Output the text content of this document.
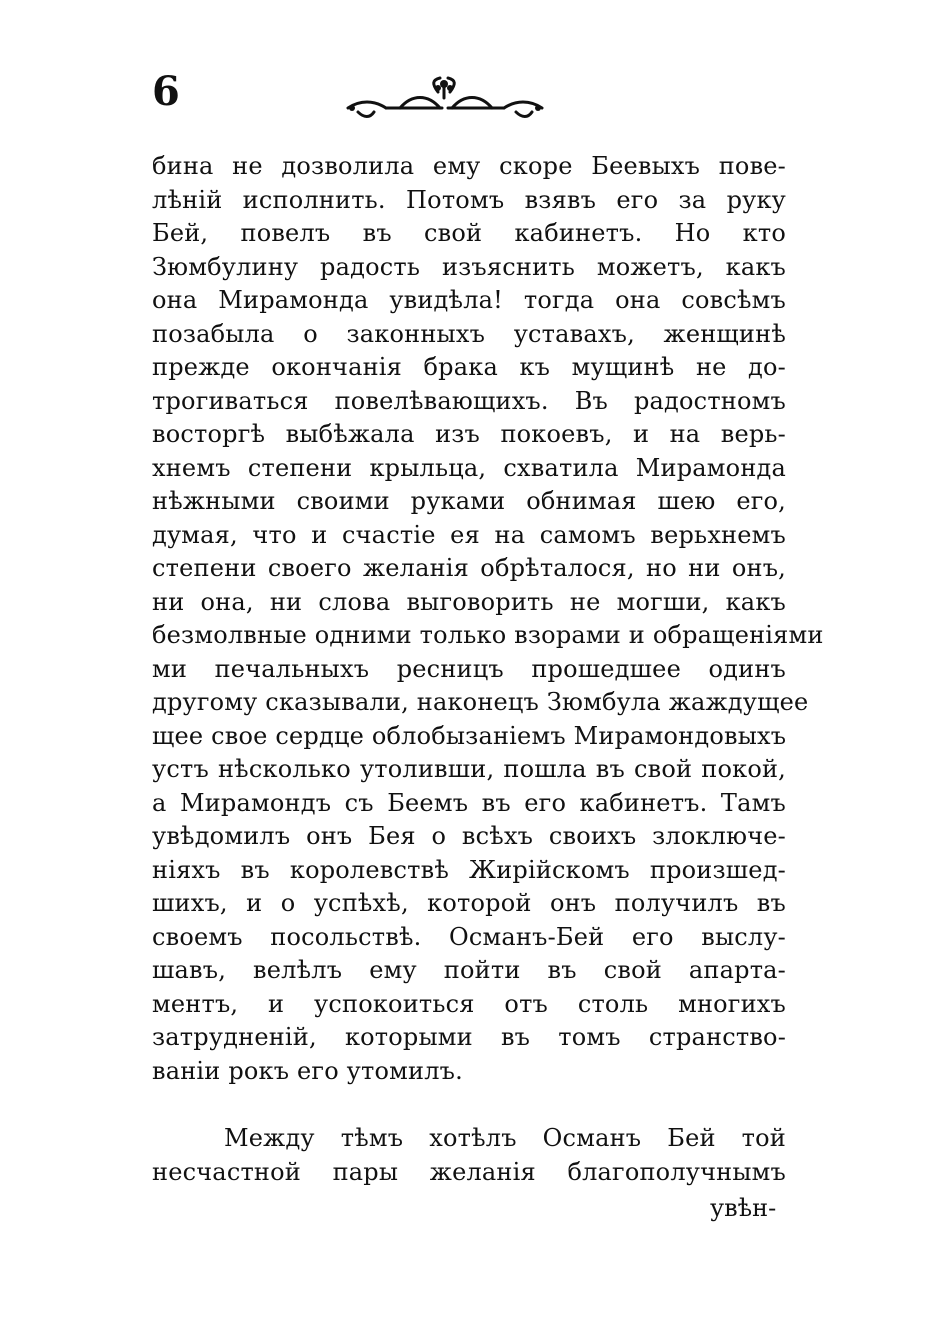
6
бина не дозволила ему скоре Беевыхъ пове-
лѣній исполнить. Потомъ взявъ его за руку
Бей, повелъ въ свой кабинетъ. Но кто
Зюмбулину радость изъяснить можетъ, какъ
она Мирамонда увидѣла! тогда она совсѣмъ
позабыла о законныхъ уставахъ, женщинѣ
прежде окончанія брака къ мущинѣ не до-
трогиваться повелѣвающихъ. Въ радостномъ
восторгѣ выбѣжала изъ покоевъ, и на верь-
хнемъ степени крыльца, схватила Мирамонда
нѣжными своими руками обнимая шею его,
думая, что и счастіе ея на самомъ верьхнемъ
степени своего желанія обрѣталося, но ни онъ,
ни она, ни слова выговорить не могши, какъ
безмолвные одними только взорами и обращеніями
ми печальныхъ ресницъ прошедшее одинъ
другому сказывали, наконецъ Зюмбула жаждущее
щее свое сердце облобызаніемъ Мирамондовыхъ
устъ нѣсколько утоливши, пошла въ свой покой,
а Мирамондъ съ Беемъ въ его кабинетъ. Тамъ
увѣдомилъ онъ Бея о всѣхъ своихъ злоключе-
ніяхъ въ королевствѣ Жирійскомъ произшед-
шихъ, и о успѣхѣ, которой онъ получилъ въ
своемъ посольствѣ. Османъ-Бей его выслу-
шавъ, велѣлъ ему пойти въ свой апарта-
ментъ, и успокоиться отъ столь многихъ
затрудненій, которыми въ томъ странство-
ваніи рокъ его утомилъ.
Между тѣмъ хотѣлъ Османъ Бей той
несчастной пары желанія благополучнымъ
увѣн-
